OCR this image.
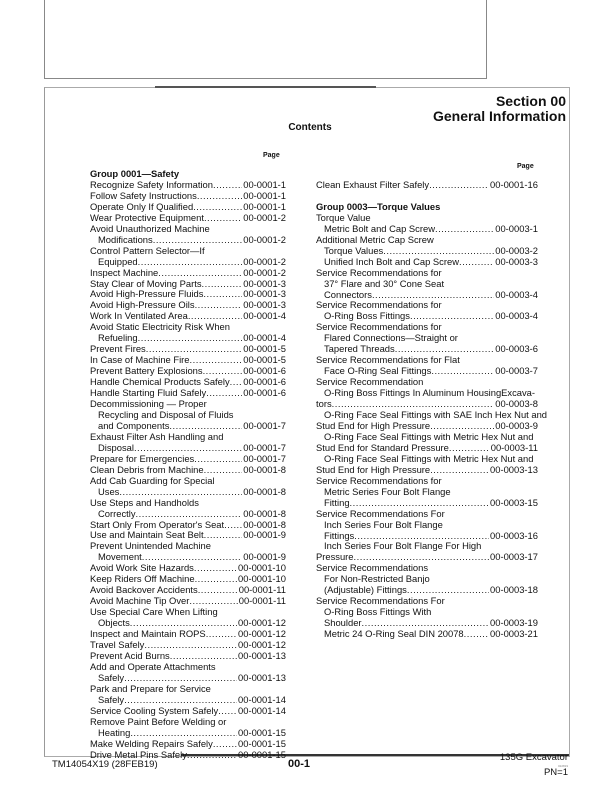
Section 00
General Information
Contents
Page
Page
Group 0001—Safety
Recognize Safety Information .....	00-0001-1
Follow Safety Instructions .....	00-0001-1
Operate Only If Qualified .....	00-0001-1
Wear Protective Equipment .....	00-0001-2
Avoid Unauthorized Machine
Modifications .....	00-0001-2
Control Pattern Selector—If
Equipped .....	00-0001-2
Inspect Machine .....	00-0001-2
Stay Clear of Moving Parts .....	00-0001-3
Avoid High-Pressure Fluids .....	00-0001-3
Avoid High-Pressure Oils .....	00-0001-3
Work In Ventilated Area .....	00-0001-4
Avoid Static Electricity Risk When
Refueling .....	00-0001-4
Prevent Fires .....	00-0001-5
In Case of Machine Fire .....	00-0001-5
Prevent Battery Explosions .....	00-0001-6
Handle Chemical Products Safely ..... 00-0001-6
Handle Starting Fluid Safely .....	00-0001-6
Decommissioning — Proper
Recycling and Disposal of Fluids
and Components .....	00-0001-7
Exhaust Filter Ash Handling and
Disposal .....	00-0001-7
Prepare for Emergencies .....	00-0001-7
Clean Debris from Machine .....	00-0001-8
Add Cab Guarding for Special
Uses .....	00-0001-8
Use Steps and Handholds
Correctly .....	00-0001-8
Start Only From Operator's Seat ..... 00-0001-8
Use and Maintain Seat Belt .....	00-0001-9
Prevent Unintended Machine
Movement .....	00-0001-9
Avoid Work Site Hazards .....	00-0001-10
Keep Riders Off Machine .....	00-0001-10
Avoid Backover Accidents .....	00-0001-11
Avoid Machine Tip Over .....	00-0001-11
Use Special Care When Lifting
Objects .....	00-0001-12
Inspect and Maintain ROPS .....	00-0001-12
Travel Safely .....	00-0001-12
Prevent Acid Burns .....	00-0001-13
Add and Operate Attachments
Safely .....	00-0001-13
Park and Prepare for Service
Safely .....	00-0001-14
Service Cooling System Safely ..... 00-0001-14
Remove Paint Before Welding or
Heating .....	00-0001-15
Make Welding Repairs Safely .....	00-0001-15
Drive Metal Pins Safely .....	00-0001-15
Clean Exhaust Filter Safely .....	00-0001-16
Group 0003—Torque Values
Torque Value
Metric Bolt and Cap Screw .....	00-0003-1
Additional Metric Cap Screw
Torque Values .....	00-0003-2
Unified Inch Bolt and Cap Screw .....	00-0003-3
Service Recommendations for
37° Flare and 30° Cone Seat
Connectors .....	00-0003-4
Service Recommendations for
O-Ring Boss Fittings .....	00-0003-4
Service Recommendations for
Flared Connections—Straight or
Tapered Threads .....	00-0003-6
Service Recommendations for Flat
Face O-Ring Seal Fittings .....	00-0003-7
Service Recommendation
O-Ring Boss Fittings In Aluminum HousingExcava-
tors .....	00-0003-8
O-Ring Face Seal Fittings with SAE Inch Hex Nut and
Stud End for High Pressure .....	00-0003-9
O-Ring Face Seal Fittings with Metric Hex Nut and
Stud End for Standard Pressure .....	00-0003-11
O-Ring Face Seal Fittings with Metric Hex Nut and
Stud End for High Pressure .....	00-0003-13
Service Recommendations for
Metric Series Four Bolt Flange
Fitting .....	00-0003-15
Service Recommendations For
Inch Series Four Bolt Flange
Fittings .....	00-0003-16
Inch Series Four Bolt Flange For High
Pressure .....	00-0003-17
Service Recommendations
For Non-Restricted Banjo
(Adjustable) Fittings .....	00-0003-18
Service Recommendations For
O-Ring Boss Fittings With
Shoulder .....	00-0003-19
Metric 24 O-Ring Seal DIN 20078 .....	00-0003-21
TM14054X19 (28FEB19)	00-1
135G Excavator
022819
PN=1
